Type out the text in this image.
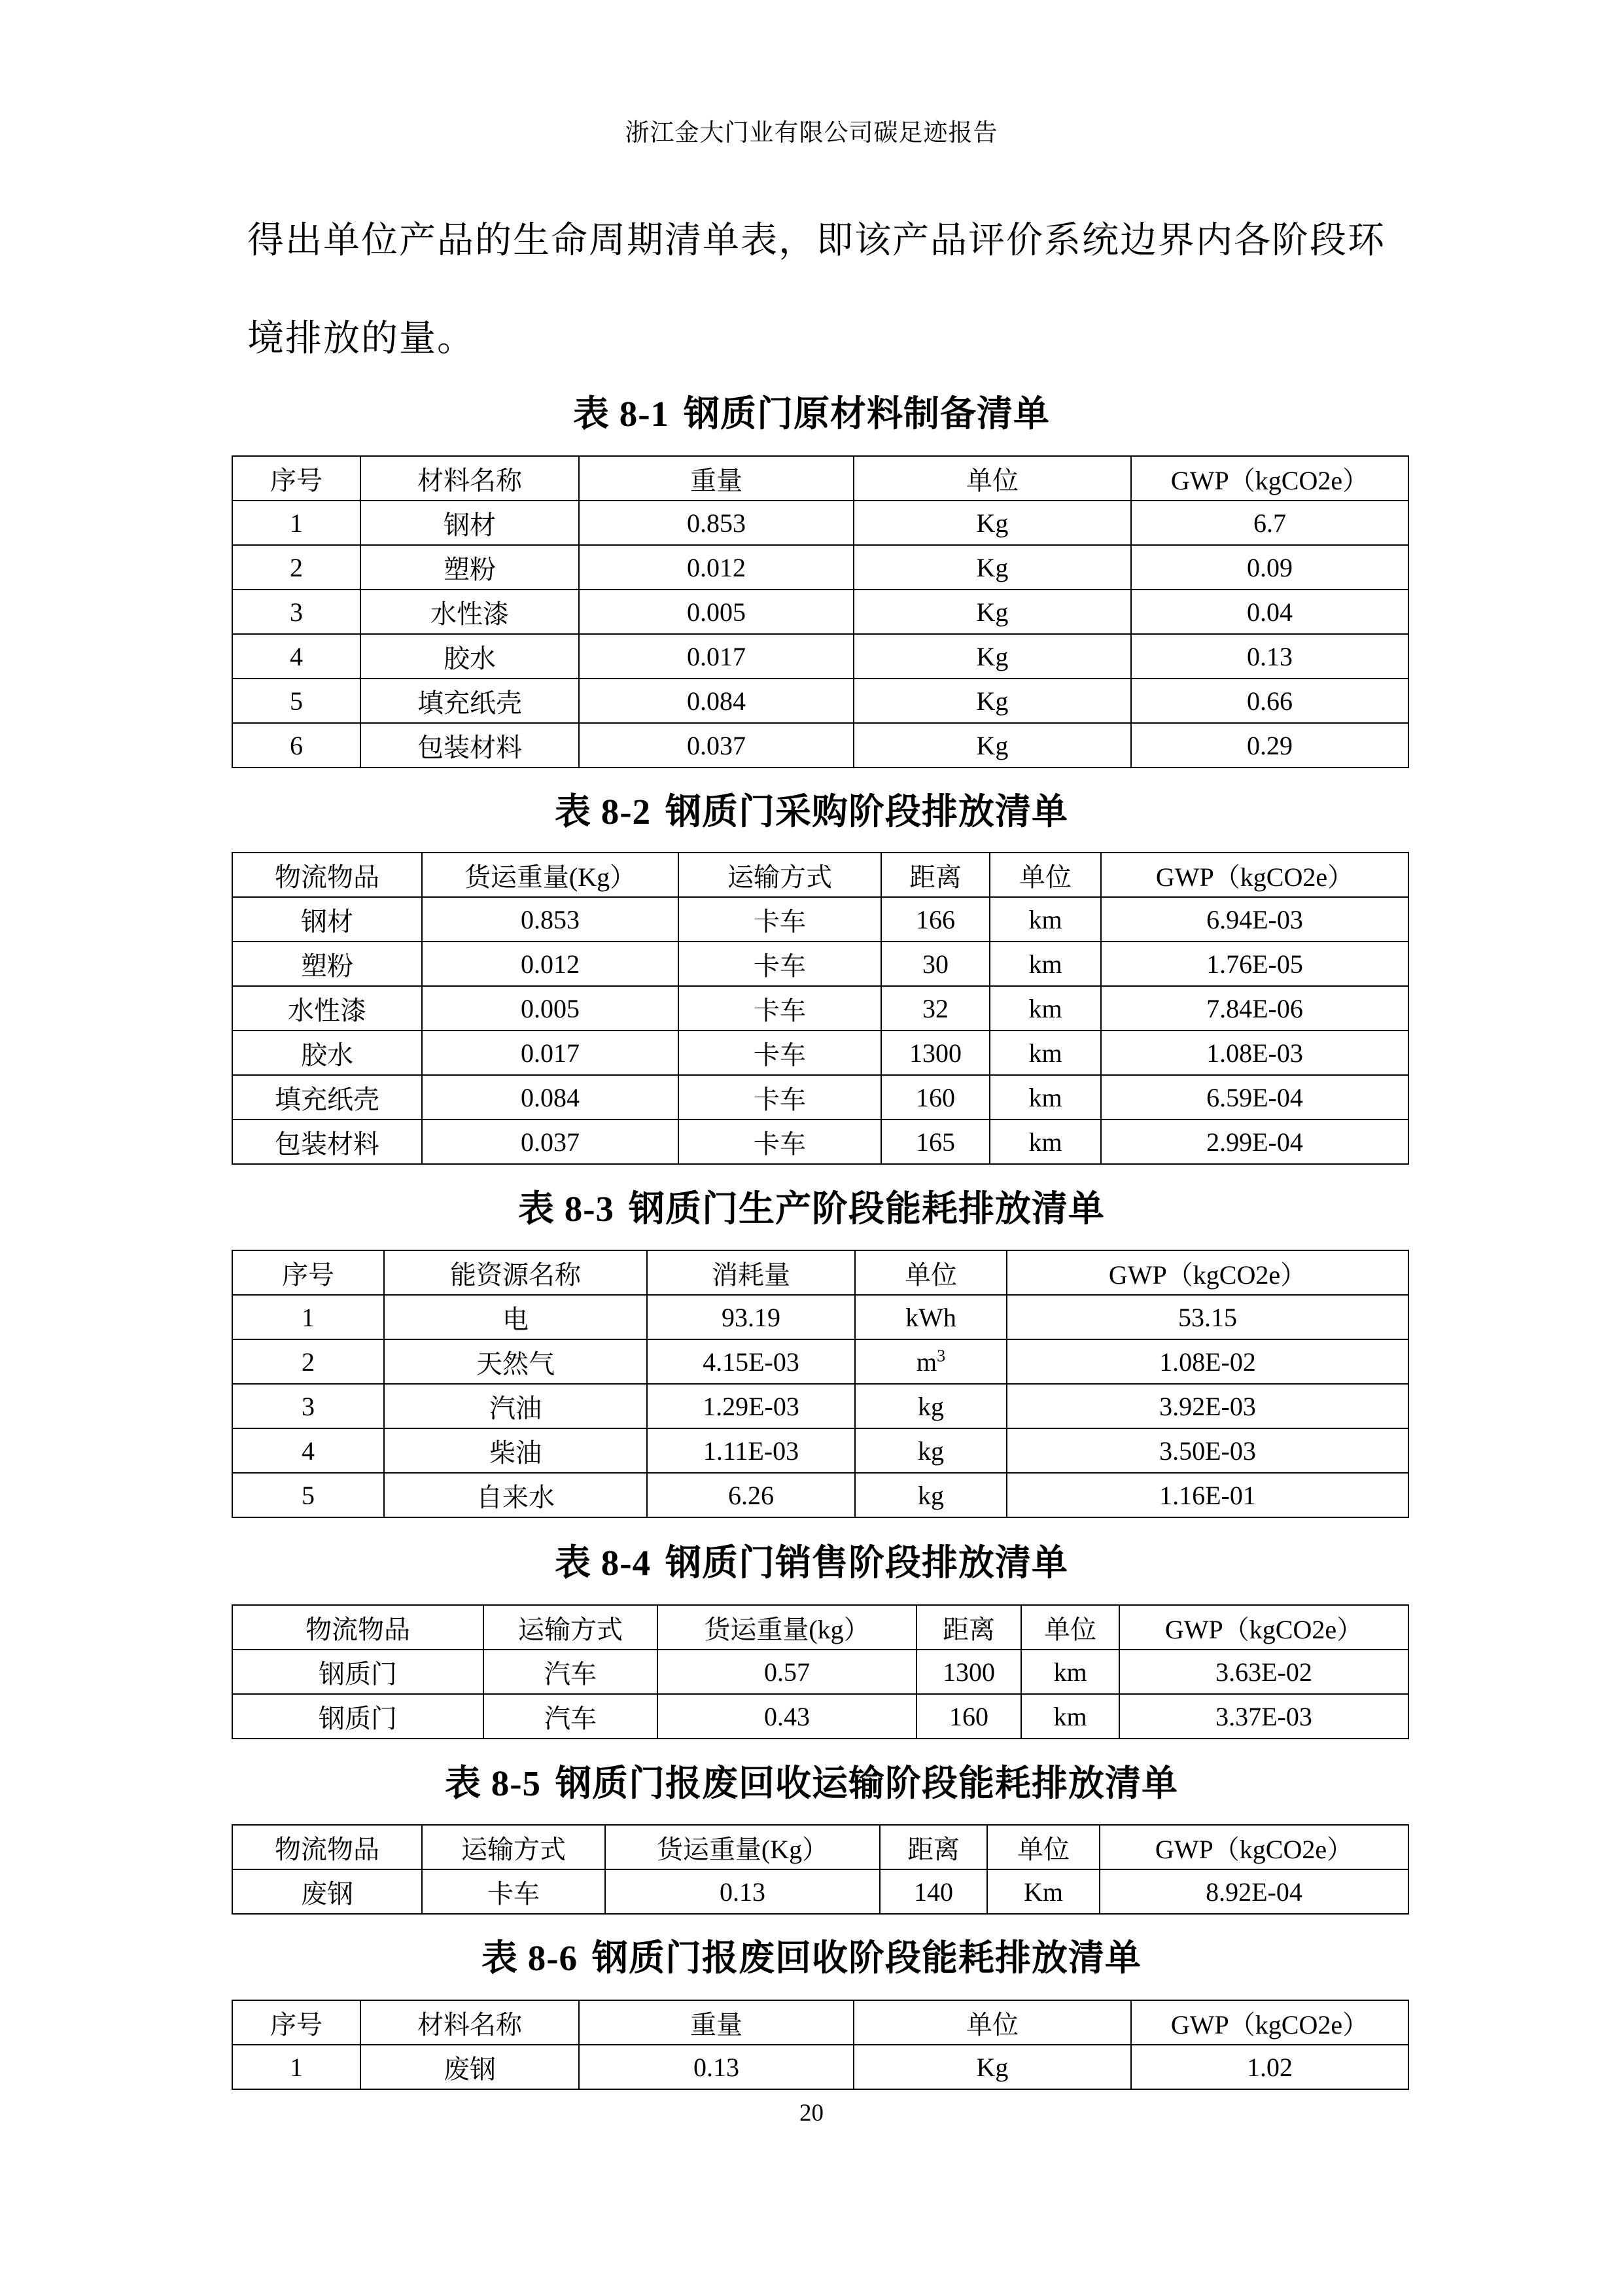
浙江金大门业有限公司碳足迹报告
得出单位产品的生命周期清单表，即该产品评价系统边界内各阶段环
境排放的量。
表 8-1 钢质门原材料制备清单
序号	材料名称	重量	单位	GWP（kgCO2e）
1	钢材	0.853	Kg	6.7
2	塑粉	0.012	Kg	0.09
3	水性漆	0.005	Kg	0.04
4	胶水	0.017	Kg	0.13
5	填充纸壳	0.084	Kg	0.66
6	包装材料	0.037	Kg	0.29
表 8-2 钢质门采购阶段排放清单
物流物品	货运重量(Kg）	运输方式	距离	单位	GWP（kgCO2e）
钢材	0.853	卡车	166	km	6.94E-03
塑粉	0.012	卡车	30	km	1.76E-05
水性漆	0.005	卡车	32	km	7.84E-06
胶水	0.017	卡车	1300	km	1.08E-03
填充纸壳	0.084	卡车	160	km	6.59E-04
包装材料	0.037	卡车	165	km	2.99E-04
表 8-3 钢质门生产阶段能耗排放清单
序号	能资源名称	消耗量	单位	GWP（kgCO2e）
1	电	93.19	kWh	53.15
2	天然气	4.15E-03	$m^3$	1.08E-02
3	汽油	1.29E-03	kg	3.92E-03
4	柴油	1.11E-03	kg	3.50E-03
5	自来水	6.26	kg	1.16E-01
表 8-4 钢质门销售阶段排放清单
物流物品	运输方式	货运重量(kg）	距离	单位	GWP（kgCO2e）
钢质门	汽车	0.57	1300	km	3.63E-02
钢质门	汽车	0.43	160	km	3.37E-03
表 8-5 钢质门报废回收运输阶段能耗排放清单
物流物品	运输方式	货运重量(Kg）	距离	单位	GWP（kgCO2e）
废钢	卡车	0.13	140	Km	8.92E-04
表 8-6 钢质门报废回收阶段能耗排放清单
序号	材料名称	重量	单位	GWP（kgCO2e）
1	废钢	0.13	Kg	1.02
20
